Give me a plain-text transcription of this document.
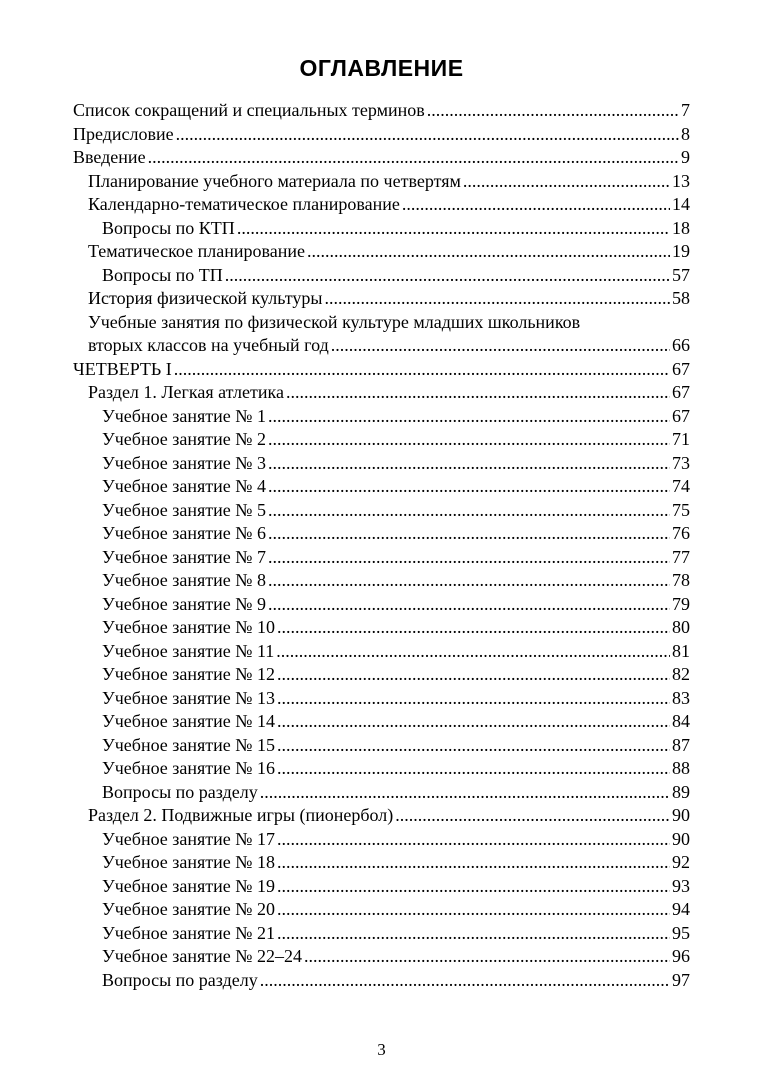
ОГЛАВЛЕНИЕ
Список сокращений и специальных терминов .....	7
Предисловие .....	8
Введение .....	9
Планирование учебного материала по четвертям .....	13
Календарно-тематическое планирование .....	14
Вопросы по КТП .....	18
Тематическое планирование .....	19
Вопросы по ТП .....	57
История физической культуры .....	58
Учебные занятия по физической культуре младших школьников
вторых классов на учебный год .....	66
ЧЕТВЕРТЬ I .....	67
Раздел 1. Легкая атлетика .....	67
Учебное занятие № 1 .....	67
Учебное занятие № 2 .....	71
Учебное занятие № 3 .....	73
Учебное занятие № 4 .....	74
Учебное занятие № 5 .....	75
Учебное занятие № 6 .....	76
Учебное занятие № 7 .....	77
Учебное занятие № 8 .....	78
Учебное занятие № 9 .....	79
Учебное занятие № 10 .....	80
Учебное занятие № 11 .....	81
Учебное занятие № 12 .....	82
Учебное занятие № 13 .....	83
Учебное занятие № 14 .....	84
Учебное занятие № 15 .....	87
Учебное занятие № 16 .....	88
Вопросы по разделу .....	89
Раздел 2. Подвижные игры (пионербол) .....	90
Учебное занятие № 17 .....	90
Учебное занятие № 18 .....	92
Учебное занятие № 19 .....	93
Учебное занятие № 20 .....	94
Учебное занятие № 21 .....	95
Учебное занятие № 22–24 .....	96
Вопросы по разделу .....	97
3
